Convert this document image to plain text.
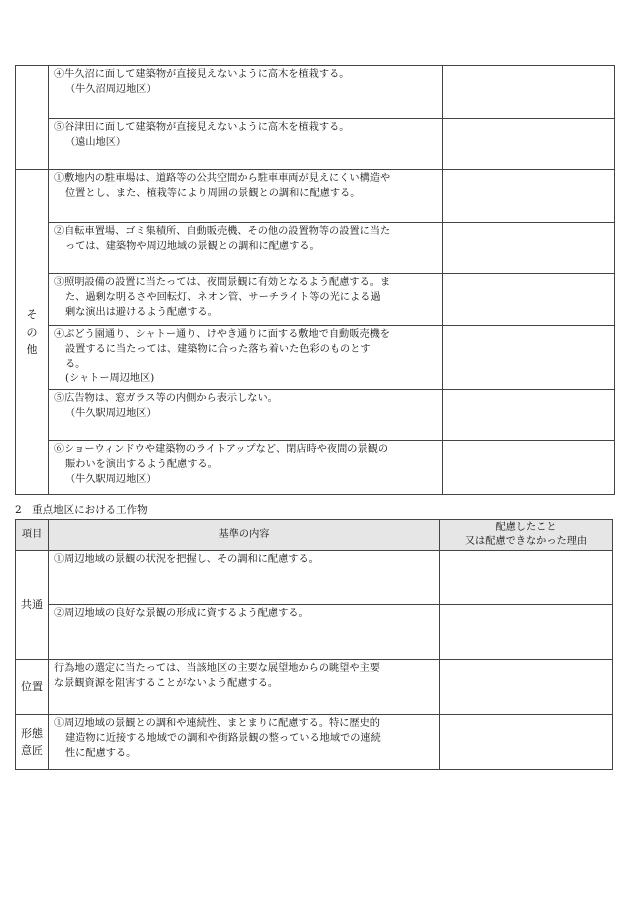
	④牛久沼に面して建築物が直接見えないように高木を植栽する。
（牛久沼周辺地区）	

	⑤谷津田に面して建築物が直接見えないように高木を植栽する。
（遠山地区）	

そ
の
他	①敷地内の駐車場は、道路等の公共空間から駐車車両が見えにくい構造や
位置とし、また、植栽等により周囲の景観との調和に配慮する。	

	②自転車置場、ゴミ集積所、自動販売機、その他の設置物等の設置に当た
っては、建築物や周辺地域の景観との調和に配慮する。	

	③照明設備の設置に当たっては、夜間景観に有効となるよう配慮する。ま
た、過剰な明るさや回転灯、ネオン管、サーチライト等の光による過
剰な演出は避けるよう配慮する。	

	④ぶどう園通り、シャトー通り、けやき通りに面する敷地で自動販売機を
設置するに当たっては、建築物に合った落ち着いた色彩のものとす
る。
(シャトー周辺地区)	

	⑤広告物は、窓ガラス等の内側から表示しない。
（牛久駅周辺地区）	

	⑥ショーウィンドウや建築物のライトアップなど、閉店時や夜間の景観の
賑わいを演出するよう配慮する。
（牛久駅周辺地区）	

2　重点地区における工作物
項目	基準の内容	配慮したこと
又は配慮できなかった理由

共通	①周辺地域の景観の状況を把握し、その調和に配慮する。	

	②周辺地域の良好な景観の形成に資するよう配慮する。	

位置	行為地の選定に当たっては、当該地区の主要な展望地からの眺望や主要
な景観資源を阻害することがないよう配慮する。	

形態
意匠	①周辺地域の景観との調和や連続性、まとまりに配慮する。特に歴史的
建造物に近接する地域での調和や街路景観の整っている地域での連続
性に配慮する。	
